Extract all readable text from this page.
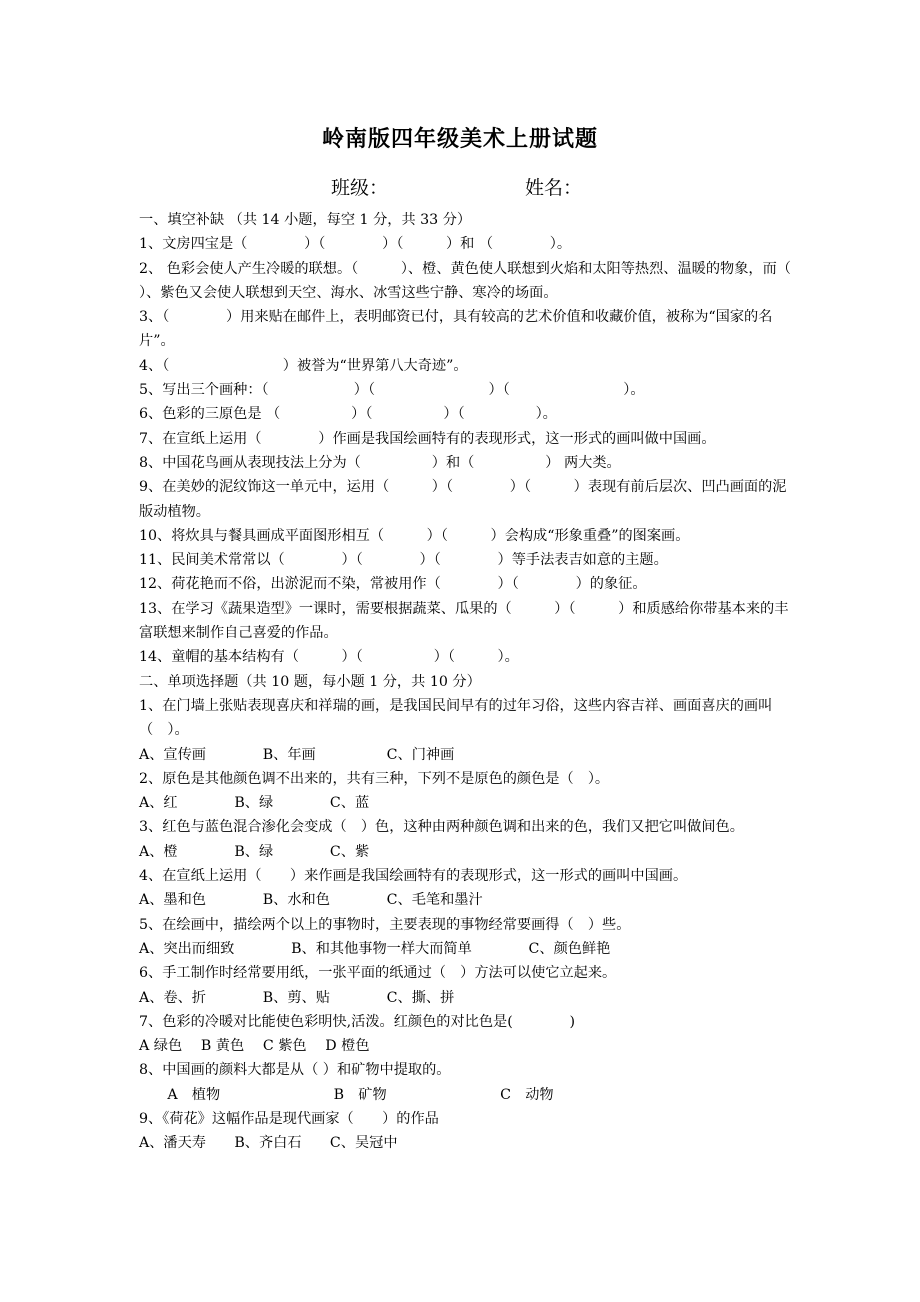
岭南版四年级美术上册试题
班级：	姓名：
一、填空补缺 （共 14 小题，每空 1 分，共 33 分）
1、文房四宝是（　　　　）（　　　　）（　　　）和 （　　　　）。
2、 色彩会使人产生冷暖的联想。（　　　）、橙、黄色使人联想到火焰和太阳等热烈、温暖的物象，而（　　　）、紫色又会使人联想到天空、海水、冰雪这些宁静、寒冷的场面。
3、（　　　　）用来贴在邮件上，表明邮资已付，具有较高的艺术价值和收藏价值，被称为“国家的名片”。
4、（　　　　　　　　）被誉为“世界第八大奇迹”。
5、写出三个画种：（　　　　　　）（　　　　　　　　）（　　　　　　　　）。
6、色彩的三原色是 （　　　　　）（　　　　　）（　　　　　）。
7、在宣纸上运用（　　　　）作画是我国绘画特有的表现形式，这一形式的画叫做中国画。
8、中国花鸟画从表现技法上分为（　　　　　）和（　　　　　） 两大类。
9、在美妙的泥纹饰这一单元中，运用（　　　）（　　　　）（　　　）表现有前后层次、凹凸画面的泥版动植物。
10、将炊具与餐具画成平面图形相互（　　　）（　　　）会构成“形象重叠”的图案画。
11、民间美术常常以（　　　　）（　　　　）（　　　　）等手法表吉如意的主题。
12、荷花艳而不俗，出淤泥而不染，常被用作（　　　　）（　　　　）的象征。
13、在学习《蔬果造型》一课时，需要根据蔬菜、瓜果的（　　　）（　　　）和质感给你带基本来的丰富联想来制作自己喜爱的作品。
14、童帽的基本结构有（　　　）（　　　　　）（　　　）。
二、单项选择题（共 10 题，每小题 1 分，共 10 分）
1、在门墙上张贴表现喜庆和祥瑞的画，是我国民间早有的过年习俗，这些内容吉祥、画面喜庆的画叫（　）。
A、宣传画　　　　B、年画　　　　　C、门神画
2、原色是其他颜色调不出来的，共有三种，下列不是原色的颜色是（　）。
A、红　　　　B、绿　　　　C、蓝
3、红色与蓝色混合渗化会变成（　）色，这种由两种颜色调和出来的色，我们又把它叫做间色。
A、橙　　　　B、绿　　　　C、紫
4、在宣纸上运用（　　）来作画是我国绘画特有的表现形式，这一形式的画叫中国画。
A、墨和色　　　　B、水和色　　　　C、毛笔和墨汁
5、在绘画中，描绘两个以上的事物时，主要表现的事物经常要画得（　）些。
A、突出而细致　　　　B、和其他事物一样大而简单　　　　C、颜色鲜艳
6、手工制作时经常要用纸，一张平面的纸通过（　）方法可以使它立起来。
A、卷、折　　　　B、剪、贴　　　　C、撕、拼
7、色彩的冷暖对比能使色彩明快,活泼。红颜色的对比色是(　　　　)
A 绿色　 B 黄色　 C 紫色　 D 橙色
8、中国画的颜料大都是从（ ）和矿物中提取的。
　　A　植物　　　　　　　　B　矿物　　　　　　　　C　动物
9、《荷花》这幅作品是现代画家（　　）的作品
A、潘天寿　　B、齐白石　　C、吴冠中
